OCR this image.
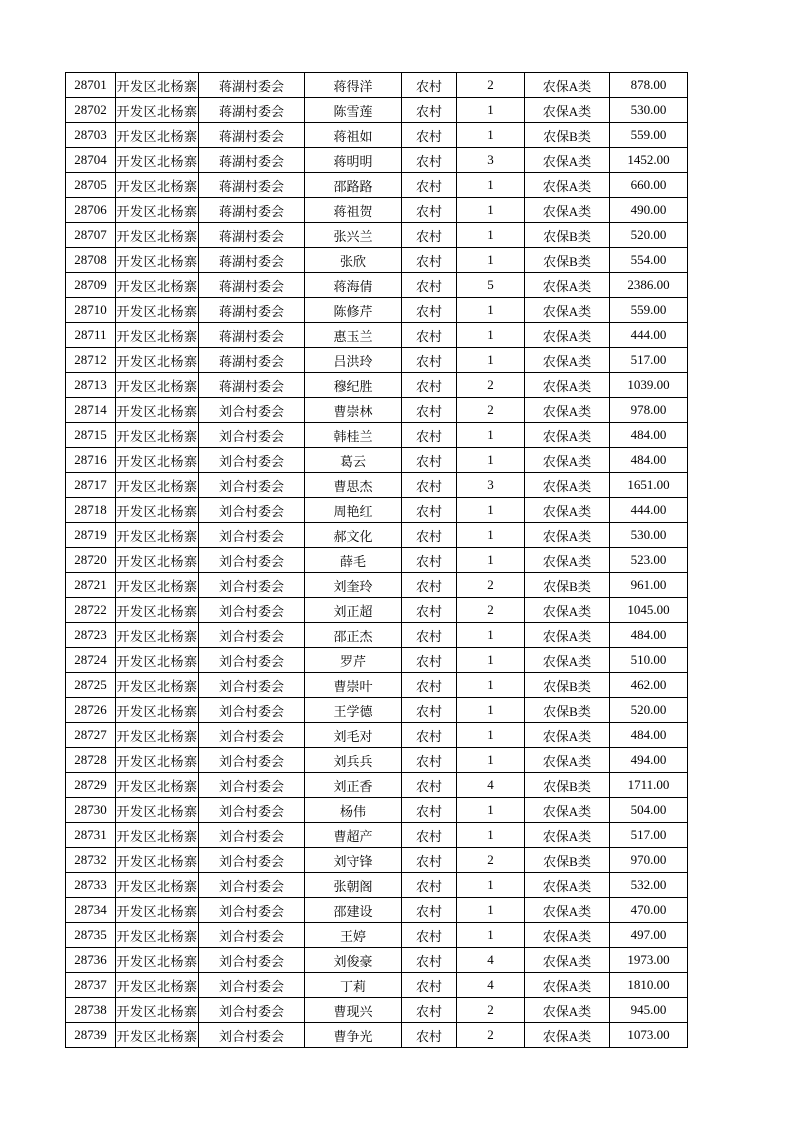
28701	开发区北杨寨	蒋湖村委会	蒋得洋	农村	2	农保A类	878.00
28702	开发区北杨寨	蒋湖村委会	陈雪莲	农村	1	农保A类	530.00
28703	开发区北杨寨	蒋湖村委会	蒋祖如	农村	1	农保B类	559.00
28704	开发区北杨寨	蒋湖村委会	蒋明明	农村	3	农保A类	1452.00
28705	开发区北杨寨	蒋湖村委会	邵路路	农村	1	农保A类	660.00
28706	开发区北杨寨	蒋湖村委会	蒋祖贺	农村	1	农保A类	490.00
28707	开发区北杨寨	蒋湖村委会	张兴兰	农村	1	农保B类	520.00
28708	开发区北杨寨	蒋湖村委会	张欣	农村	1	农保B类	554.00
28709	开发区北杨寨	蒋湖村委会	蒋海倩	农村	5	农保A类	2386.00
28710	开发区北杨寨	蒋湖村委会	陈修芹	农村	1	农保A类	559.00
28711	开发区北杨寨	蒋湖村委会	惠玉兰	农村	1	农保A类	444.00
28712	开发区北杨寨	蒋湖村委会	吕洪玲	农村	1	农保A类	517.00
28713	开发区北杨寨	蒋湖村委会	穆纪胜	农村	2	农保A类	1039.00
28714	开发区北杨寨	刘合村委会	曹崇林	农村	2	农保A类	978.00
28715	开发区北杨寨	刘合村委会	韩桂兰	农村	1	农保A类	484.00
28716	开发区北杨寨	刘合村委会	葛云	农村	1	农保A类	484.00
28717	开发区北杨寨	刘合村委会	曹思杰	农村	3	农保A类	1651.00
28718	开发区北杨寨	刘合村委会	周艳红	农村	1	农保A类	444.00
28719	开发区北杨寨	刘合村委会	郝文化	农村	1	农保A类	530.00
28720	开发区北杨寨	刘合村委会	薛毛	农村	1	农保A类	523.00
28721	开发区北杨寨	刘合村委会	刘奎玲	农村	2	农保B类	961.00
28722	开发区北杨寨	刘合村委会	刘正超	农村	2	农保A类	1045.00
28723	开发区北杨寨	刘合村委会	邵正杰	农村	1	农保A类	484.00
28724	开发区北杨寨	刘合村委会	罗芹	农村	1	农保A类	510.00
28725	开发区北杨寨	刘合村委会	曹崇叶	农村	1	农保B类	462.00
28726	开发区北杨寨	刘合村委会	王学德	农村	1	农保B类	520.00
28727	开发区北杨寨	刘合村委会	刘毛对	农村	1	农保A类	484.00
28728	开发区北杨寨	刘合村委会	刘兵兵	农村	1	农保A类	494.00
28729	开发区北杨寨	刘合村委会	刘正香	农村	4	农保B类	1711.00
28730	开发区北杨寨	刘合村委会	杨伟	农村	1	农保A类	504.00
28731	开发区北杨寨	刘合村委会	曹超产	农村	1	农保A类	517.00
28732	开发区北杨寨	刘合村委会	刘守锋	农村	2	农保B类	970.00
28733	开发区北杨寨	刘合村委会	张朝阁	农村	1	农保A类	532.00
28734	开发区北杨寨	刘合村委会	邵建设	农村	1	农保A类	470.00
28735	开发区北杨寨	刘合村委会	王婷	农村	1	农保A类	497.00
28736	开发区北杨寨	刘合村委会	刘俊豪	农村	4	农保A类	1973.00
28737	开发区北杨寨	刘合村委会	丁莉	农村	4	农保A类	1810.00
28738	开发区北杨寨	刘合村委会	曹现兴	农村	2	农保A类	945.00
28739	开发区北杨寨	刘合村委会	曹争光	农村	2	农保A类	1073.00
